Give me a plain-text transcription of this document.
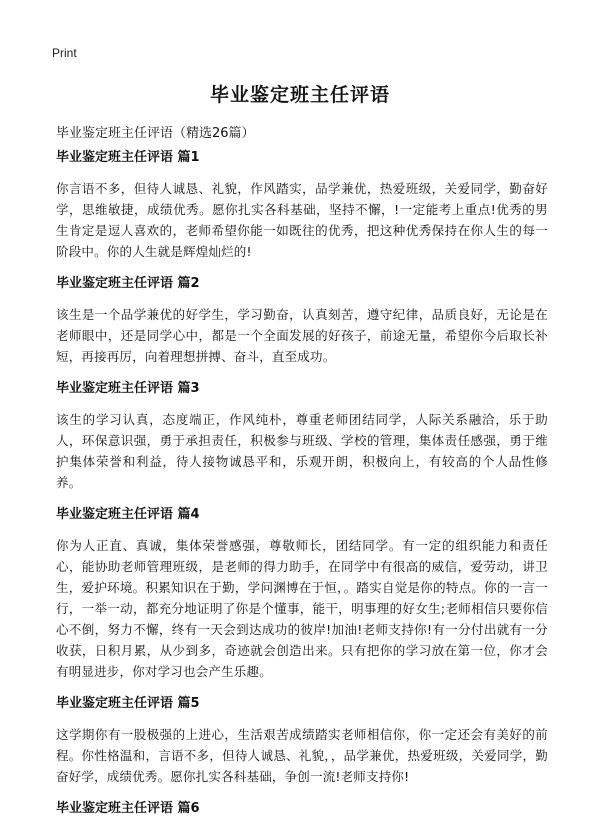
Print
毕业鉴定班主任评语

毕业鉴定班主任评语（精选26篇）

毕业鉴定班主任评语 篇1

你言语不多，但待人诚恳、礼貌，作风踏实，品学兼优，热爱班级，关爱同学，勤奋好学，思维敏捷，成绩优秀。愿你扎实各科基础，坚持不懈，!一定能考上重点!优秀的男生肯定是逗人喜欢的，老师希望你能一如既往的优秀，把这种优秀保持在你人生的每一阶段中。你的人生就是辉煌灿烂的!

毕业鉴定班主任评语 篇2

该生是一个品学兼优的好学生，学习勤奋，认真刻苦，遵守纪律，品质良好，无论是在老师眼中，还是同学心中，都是一个全面发展的好孩子，前途无量，希望你今后取长补短，再接再厉，向着理想拼搏、奋斗，直至成功。

毕业鉴定班主任评语 篇3

该生的学习认真，态度端正，作风纯朴，尊重老师团结同学，人际关系融洽，乐于助人，环保意识强，勇于承担责任，积极参与班级、学校的管理，集体责任感强，勇于维护集体荣誉和利益，待人接物诚恳平和，乐观开朗，积极向上，有较高的个人品性修养。

毕业鉴定班主任评语 篇4

你为人正直、真诚，集体荣誉感强，尊敬师长，团结同学。有一定的组织能力和责任心，能协助老师管理班级，是老师的得力助手，在同学中有很高的威信，爱劳动，讲卫生，爱护环境。积累知识在于勤，学问渊博在于恒，。踏实自觉是你的特点。你的一言一行，一举一动，都充分地证明了你是个懂事，能干，明事理的好女生;老师相信只要你信心不倒，努力不懈，终有一天会到达成功的彼岸!加油!老师支持你!有一分付出就有一分收获，日积月累，从少到多，奇迹就会创造出来。只有把你的学习放在第一位，你才会有明显进步，你对学习也会产生乐趣。

毕业鉴定班主任评语 篇5

这学期你有一股极强的上进心，生活艰苦成绩踏实老师相信你，你一定还会有美好的前程。你性格温和，言语不多，但待人诚恳、礼貌，，品学兼优，热爱班级，关爱同学，勤奋好学，成绩优秀。愿你扎实各科基础，争创一流!老师支持你!

毕业鉴定班主任评语 篇6
